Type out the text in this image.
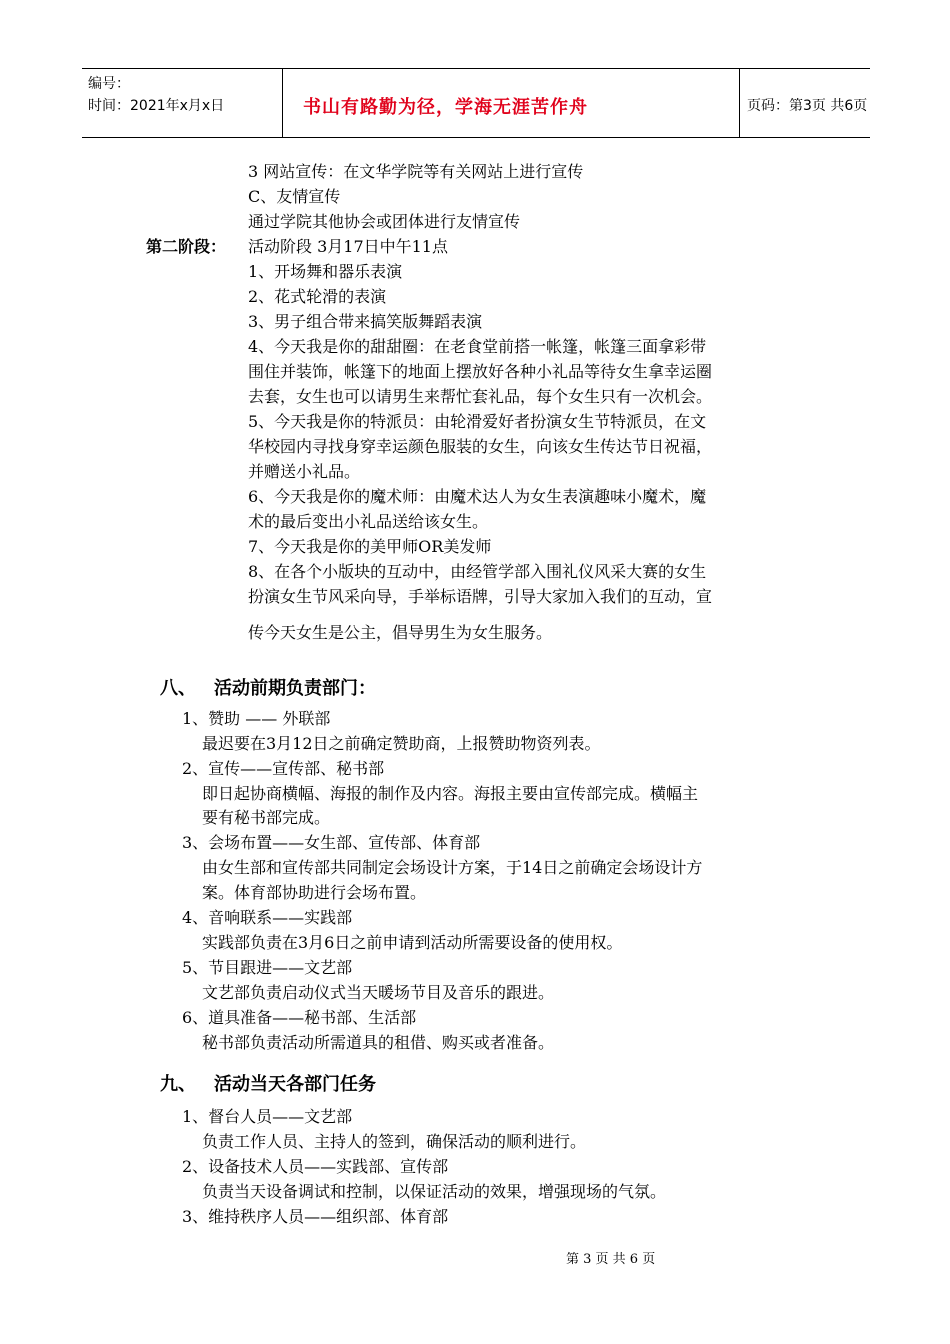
编号：
时间：2021年x月x日	书山有路勤为径，学海无涯苦作舟	页码：第3页 共6页
3 网站宣传：在文华学院等有关网站上进行宣传
C、友情宣传
通过学院其他协会或团体进行友情宣传
第二阶段： 活动阶段 3月17日中午11点
1、开场舞和器乐表演
2、花式轮滑的表演
3、男子组合带来搞笑版舞蹈表演
4、今天我是你的甜甜圈：在老食堂前搭一帐篷，帐篷三面拿彩带
围住并装饰，帐篷下的地面上摆放好各种小礼品等待女生拿幸运圈
去套，女生也可以请男生来帮忙套礼品，每个女生只有一次机会。
5、今天我是你的特派员：由轮滑爱好者扮演女生节特派员，在文
华校园内寻找身穿幸运颜色服装的女生，向该女生传达节日祝福，
并赠送小礼品。
6、今天我是你的魔术师：由魔术达人为女生表演趣味小魔术，魔
术的最后变出小礼品送给该女生。
7、今天我是你的美甲师OR美发师
8、在各个小版块的互动中，由经管学部入围礼仪风采大赛的女生
扮演女生节风采向导，手举标语牌，引导大家加入我们的互动，宣
传今天女生是公主，倡导男生为女生服务。
八、 活动前期负责部门：
1、赞助 —— 外联部
最迟要在3月12日之前确定赞助商，上报赞助物资列表。
2、宣传——宣传部、秘书部
即日起协商横幅、海报的制作及内容。海报主要由宣传部完成。横幅主
要有秘书部完成。
3、会场布置——女生部、宣传部、体育部
由女生部和宣传部共同制定会场设计方案，于14日之前确定会场设计方
案。体育部协助进行会场布置。
4、音响联系——实践部
实践部负责在3月6日之前申请到活动所需要设备的使用权。
5、节目跟进——文艺部
文艺部负责启动仪式当天暖场节目及音乐的跟进。
6、道具准备——秘书部、生活部
秘书部负责活动所需道具的租借、购买或者准备。
九、 活动当天各部门任务
1、督台人员——文艺部
负责工作人员、主持人的签到，确保活动的顺利进行。
2、设备技术人员——实践部、宣传部
负责当天设备调试和控制，以保证活动的效果，增强现场的气氛。
3、维持秩序人员——组织部、体育部
第 3 页 共 6 页
